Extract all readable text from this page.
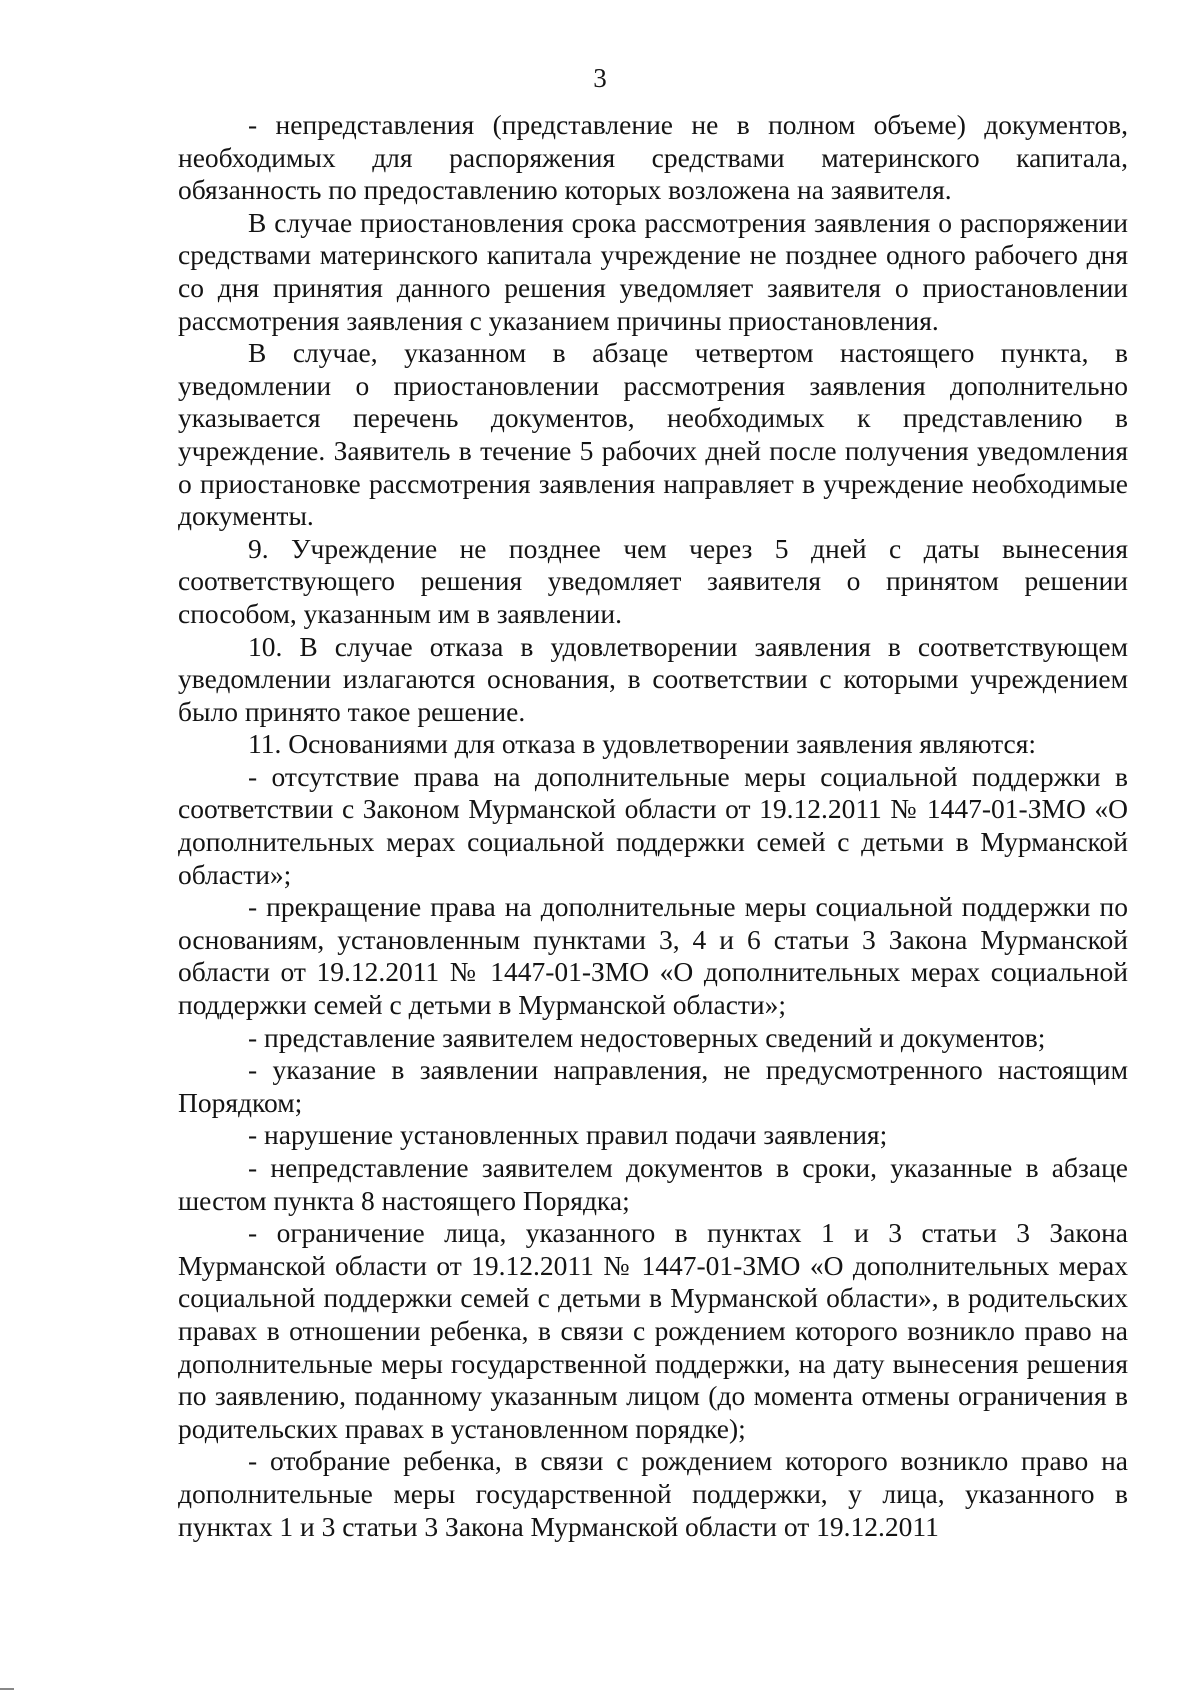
3

- непредставления (представление не в полном объеме) документов, необходимых для распоряжения средствами материнского капитала, обязанность по предоставлению которых возложена на заявителя.

В случае приостановления срока рассмотрения заявления о распоряжении средствами материнского капитала учреждение не позднее одного рабочего дня со дня принятия данного решения уведомляет заявителя о приостановлении рассмотрения заявления с указанием причины приостановления.

В случае, указанном в абзаце четвертом настоящего пункта, в уведомлении о приостановлении рассмотрения заявления дополнительно указывается перечень документов, необходимых к представлению в учреждение. Заявитель в течение 5 рабочих дней после получения уведомления о приостановке рассмотрения заявления направляет в учреждение необходимые документы.

9. Учреждение не позднее чем через 5 дней с даты вынесения соответствующего решения уведомляет заявителя о принятом решении способом, указанным им в заявлении.

10. В случае отказа в удовлетворении заявления в соответствующем уведомлении излагаются основания, в соответствии с которыми учреждением было принято такое решение.

11. Основаниями для отказа в удовлетворении заявления являются:

- отсутствие права на дополнительные меры социальной поддержки в соответствии с Законом Мурманской области от 19.12.2011 № 1447-01-ЗМО «О дополнительных мерах социальной поддержки семей с детьми в Мурманской области»;

- прекращение права на дополнительные меры социальной поддержки по основаниям, установленным пунктами 3, 4 и 6 статьи 3 Закона Мурманской области от 19.12.2011 № 1447-01-ЗМО «О дополнительных мерах социальной поддержки семей с детьми в Мурманской области»;

- представление заявителем недостоверных сведений и документов;

- указание в заявлении направления, не предусмотренного настоящим Порядком;

- нарушение установленных правил подачи заявления;

- непредставление заявителем документов в сроки, указанные в абзаце шестом пункта 8 настоящего Порядка;

- ограничение лица, указанного в пунктах 1 и 3 статьи 3 Закона Мурманской области от 19.12.2011 № 1447-01-ЗМО «О дополнительных мерах социальной поддержки семей с детьми в Мурманской области», в родительских правах в отношении ребенка, в связи с рождением которого возникло право на дополнительные меры государственной поддержки, на дату вынесения решения по заявлению, поданному указанным лицом (до момента отмены ограничения в родительских правах в установленном порядке);

- отобрание ребенка, в связи с рождением которого возникло право на дополнительные меры государственной поддержки, у лица, указанного в пунктах 1 и 3 статьи 3 Закона Мурманской области от 19.12.2011
